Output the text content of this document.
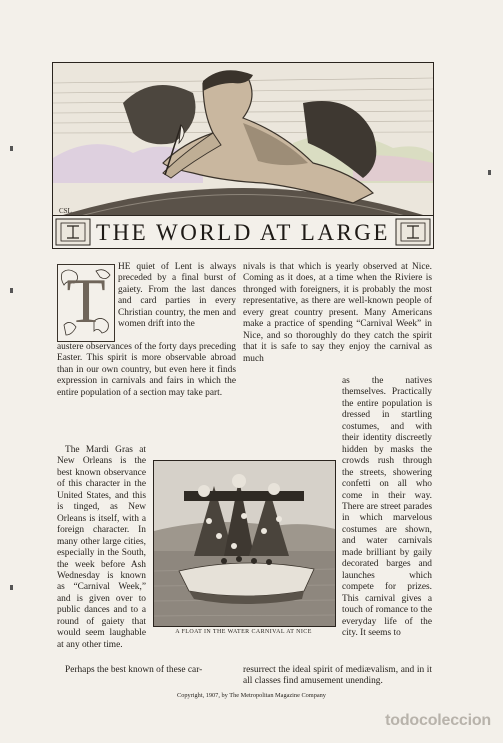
CSL
THE WORLD AT LARGE
T	HE quiet of Lent is always preceded by a final burst of gaiety. From the last dances and card parties in every Christian country, the men and women drift into the

austere observances of the forty days preceding Easter. This spirit is more observable abroad than in our own country, but even here it finds expression in carnivals and fairs in which the entire population of a section may take part.

The Mardi Gras at New Orleans is the best known observance of this character in the United States, and this is tinged, as New Orleans is itself, with a foreign character. In many other large cities, especially in the South, the week before Ash Wednesday is known as “Carnival Week,” and is given over to public dances and to a round of gaiety that would seem laughable at any other time.

Perhaps the best known of these car-

nivals is that which is yearly observed at Nice. Coming as it does, at a time when the Riviere is thronged with foreigners, it is probably the most representative, as there are well-known people of every great country present. Many Americans make a practice of spending “Carnival Week” in Nice, and so thoroughly do they catch the spirit that it is safe to say they enjoy the carnival as much

as the natives themselves. Practically the entire population is dressed in startling costumes, and with their identity discreetly hidden by masks the crowds rush through the streets, showering confetti on all who come in their way. There are street parades in which marvelous costumes are shown, and water carnivals made brilliant by gaily decorated barges and launches which compete for prizes. This carnival gives a touch of romance to the everyday life of the city. It seems to

resurrect the ideal spirit of mediævalism, and in it all classes find amusement unending.

A FLOAT IN THE WATER CARNIVAL AT NICE
Copyright, 1907, by The Metropolitan Magazine Company
todocoleccion
